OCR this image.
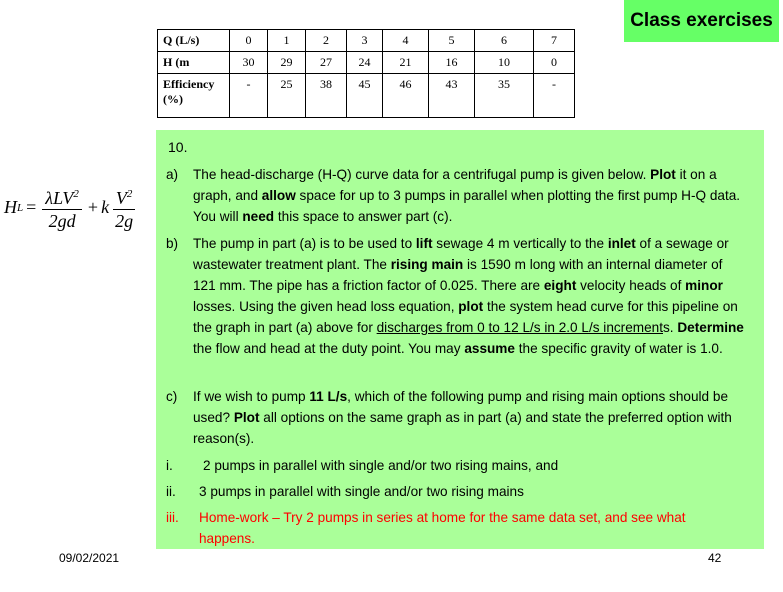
Class exercises
Q (L/s)	0	1	2	3	4	5	6	7
H (m	30	29	27	24	21	16	10	0
Efficiency (%)	-	25	38	45	46	43	35	-
H $L = \frac{\lambda LV^2}{2gd} + k \frac{V^2}{2g}$
10.
a) The head-discharge (H-Q) curve data for a centrifugal pump is given below. Plot it on a graph, and allow space for up to 3 pumps in parallel when plotting the first pump H-Q data. You will need this space to answer part (c).
b) The pump in part (a) is to be used to lift sewage 4 m vertically to the inlet of a sewage or wastewater treatment plant. The rising main is 1590 m long with an internal diameter of 121 mm. The pipe has a friction factor of 0.025. There are eight velocity heads of minor losses. Using the given head loss equation, plot the system head curve for this pipeline on the graph in part (a) above for discharges from 0 to 12 L/s in 2.0 L/s increments. Determine the flow and head at the duty point. You may assume the specific gravity of water is 1.0.
c) If we wish to pump 11 L/s, which of the following pump and rising main options should be used? Plot all options on the same graph as in part (a) and state the preferred option with reason(s).
i. 2 pumps in parallel with single and/or two rising mains, and
ii. 3 pumps in parallel with single and/or two rising mains
iii. Home-work – Try 2 pumps in series at home for the same data set, and see what happens.
09/02/2021	42
